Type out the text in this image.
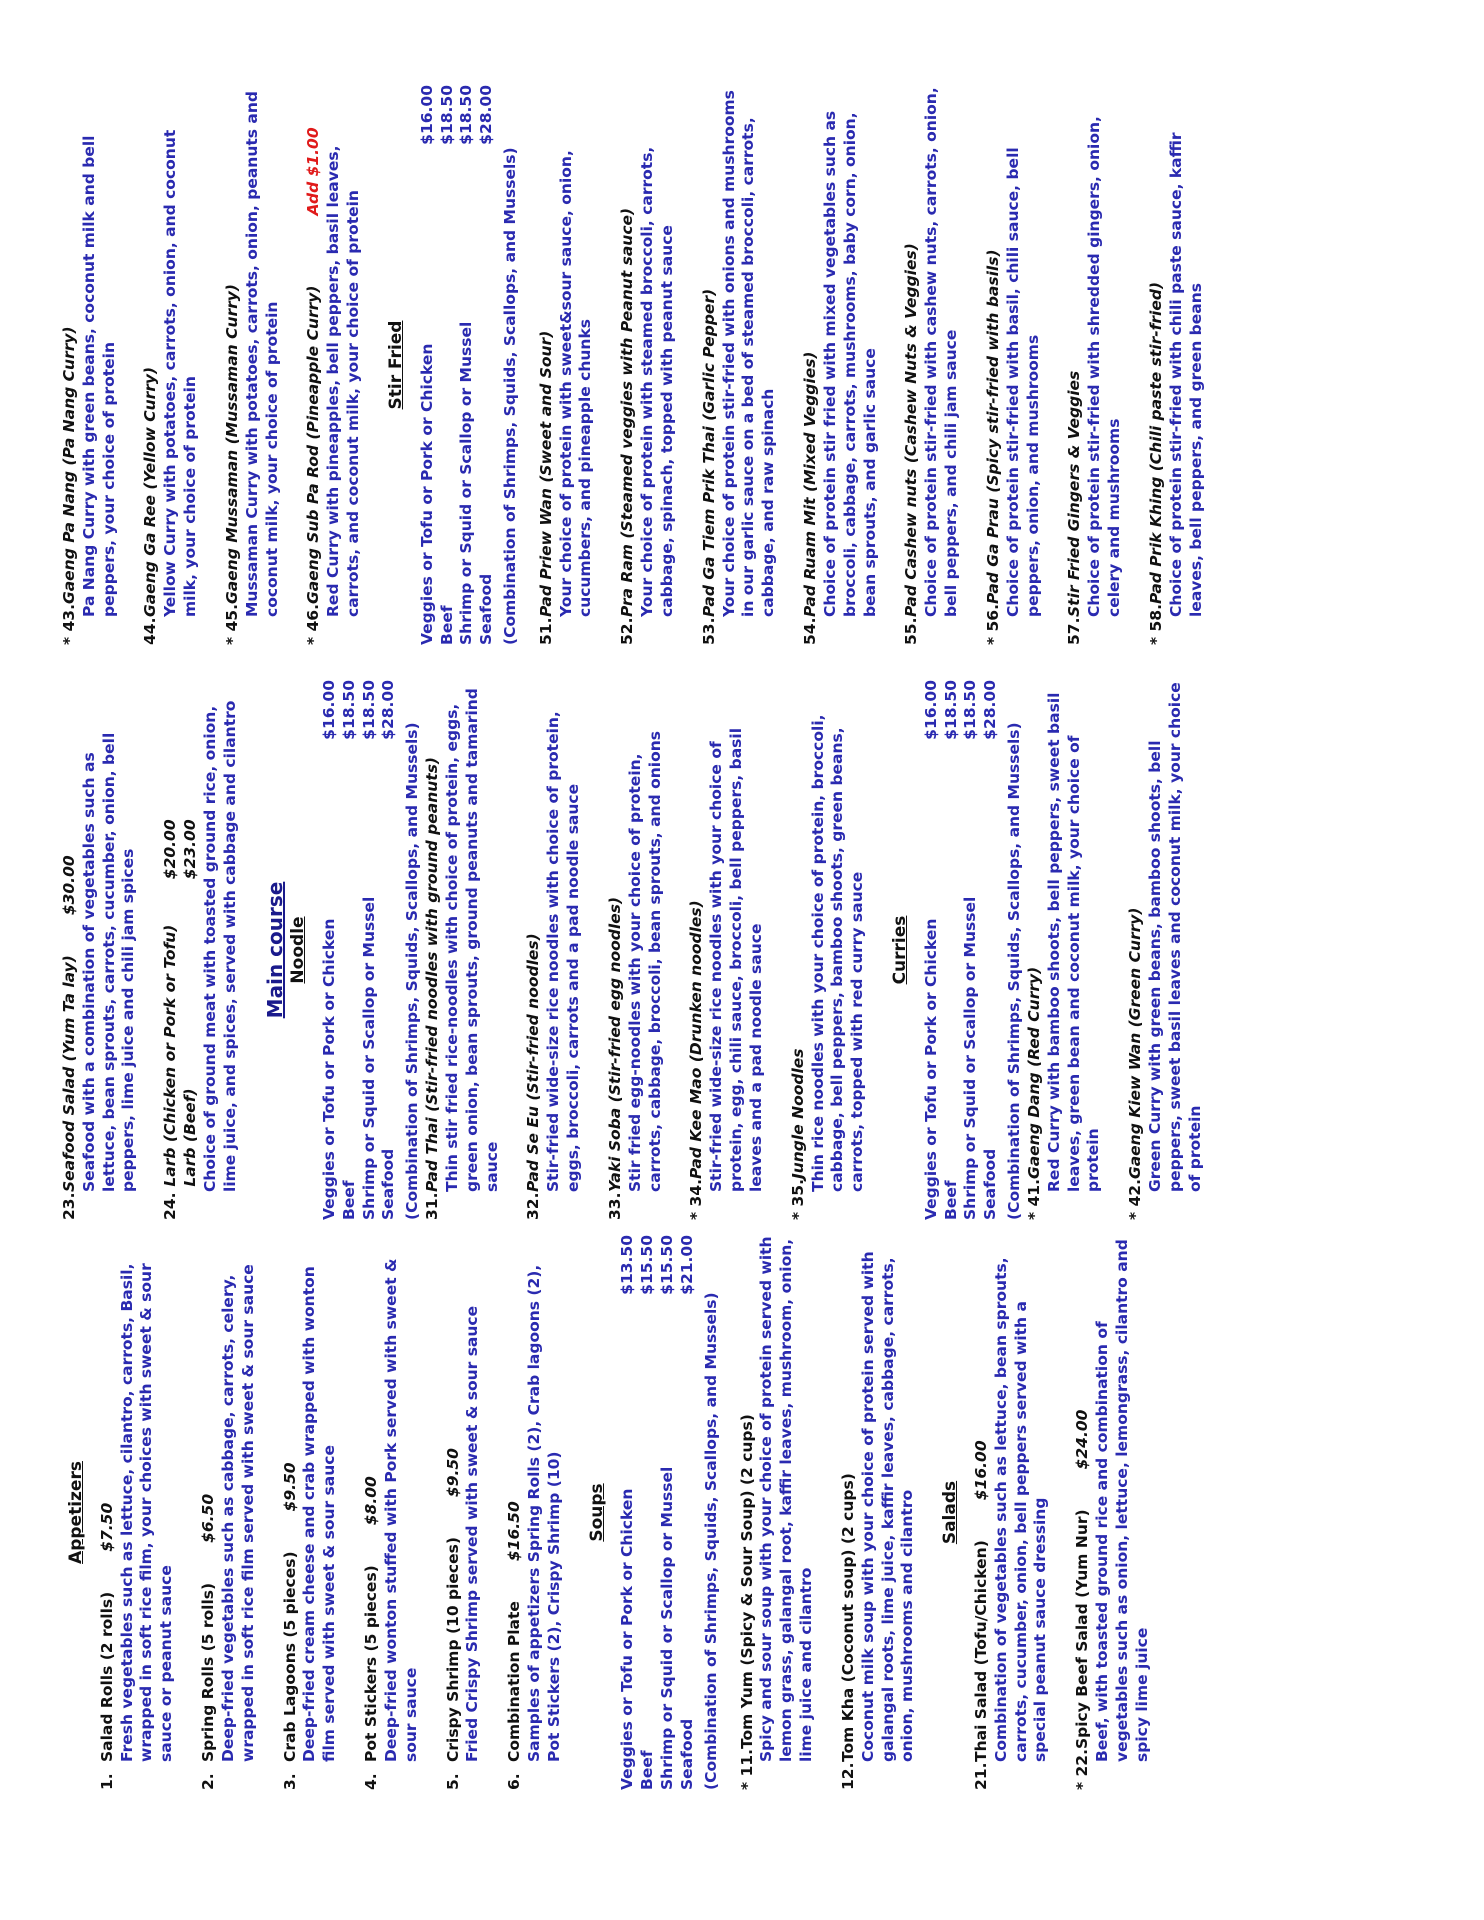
Appetizers
1.Salad Rolls (2 rolls)$7.50 Fresh vegetables such as lettuce, cilantro, carrots, Basil, wrapped in soft rice film, your choices with sweet & sour sauce or peanut sauce
2.Spring Rolls (5 rolls)$6.50 Deep-fried vegetables such as cabbage, carrots, celery, wrapped in soft rice film served with sweet & sour sauce
3.Crab Lagoons (5 pieces)$9.50 Deep-fried cream cheese and crab wrapped with wonton film served with sweet & sour sauce
4.Pot Stickers (5 pieces)$8.00 Deep-fried wonton stuffed with Pork served with sweet & sour sauce
5.Crispy Shrimp (10 pieces)$9.50 Fried Crispy Shrimp served with sweet & sour sauce
6.Combination Plate$16.50 Samples of appetizers Spring Rolls (2), Crab lagoons (2), Pot Stickers (2), Crispy Shrimp (10) Soups Veggies or Tofu or Pork or Chicken
$13.50
Beef
$15.50
Shrimp or Squid or Scallop or Mussel
$15.50
Seafood
$21.00
(Combination of Shrimps, Squids, Scallops, and Mussels) * 11.Tom Yum (Spicy & Sour Soup) (2 cups) Spicy and sour soup with your choice of protein served with lemon grass, galangal root, kaffir leaves, mushroom, onion, lime juice and cilantro
12.Tom Kha (Coconut soup) (2 cups) Coconut milk soup with your choice of protein served with galangal roots, lime juice, kaffir leaves, cabbage, carrots, onion, mushrooms and cilantro Salads
21.Thai Salad (Tofu/Chicken)$16.00 Combination of vegetables such as lettuce, bean sprouts, carrots, cucumber, onion, bell peppers served with a special peanut sauce dressing
* 22.Spicy Beef Salad (Yum Nur)$24.00 Beef, with toasted ground rice and combination of vegetables such as onion, lettuce, lemongrass, cilantro and spicy lime juice
23.Seafood Salad (Yum Ta lay)$30.00 Seafood with a combination of vegetables such as lettuce, bean sprouts, carrots, cucumber, onion, bell peppers, lime juice and chili jam spices
24. Larb (Chicken or Pork or Tofu) Larb (Beef) $20.00 $23.00 Choice of ground meat with toasted ground rice, onion, lime juice, and spices, served with cabbage and cilantro Main course Noodle Veggies or Tofu or Pork or Chicken
$16.00
Beef
$18.50
Shrimp or Squid or Scallop or Mussel
$18.50
Seafood
$28.00
(Combination of Shrimps, Squids, Scallops, and Mussels) 31.Pad Thai (Stir-fried noodles with ground peanuts) Thin stir fried rice-noodles with choice of protein, eggs, green onion, bean sprouts, ground peanuts and tamarind sauce
32.Pad Se Eu (Stir-fried noodles) Stir-fried wide-size rice noodles with choice of protein, eggs, broccoli, carrots and a pad noodle sauce
33.Yaki Soba (Stir-fried egg noodles) Stir fried egg-noodles with your choice of protein, carrots, cabbage, broccoli, bean sprouts, and onions
* 34.Pad Kee Mao (Drunken noodles) Stir-fried wide-size rice noodles with your choice of protein, egg, chili sauce, broccoli, bell peppers, basil leaves and a pad noodle sauce
* 35.Jungle Noodles Thin rice noodles with your choice of protein, broccoli, cabbage, bell peppers, bamboo shoots, green beans, carrots, topped with red curry sauce Curries Veggies or Tofu or Pork or Chicken
$16.00
Beef
$18.50
Shrimp or Squid or Scallop or Mussel
$18.50
Seafood
$28.00
(Combination of Shrimps, Squids, Scallops, and Mussels) * 41.Gaeng Dang (Red Curry) Red Curry with bamboo shoots, bell peppers, sweet basil leaves, green bean and coconut milk, your choice of protein
* 42.Gaeng Kiew Wan (Green Curry) Green Curry with green beans, bamboo shoots, bell peppers, sweet basil leaves and coconut milk, your choice of protein
* 43.Gaeng Pa Nang (Pa Nang Curry) Pa Nang Curry with green beans, coconut milk and bell peppers, your choice of protein
44.Gaeng Ga Ree (Yellow Curry) Yellow Curry with potatoes, carrots, onion, and coconut milk, your choice of protein
* 45.Gaeng Mussaman (Mussaman Curry) Mussaman Curry with potatoes, carrots, onion, peanuts and coconut milk, your choice of protein
* 46.Gaeng Sub Pa Rod (Pineapple Curry)Add $1.00 Red Curry with pineapples, bell peppers, basil leaves, carrots, and coconut milk, your choice of protein Stir Fried Veggies or Tofu or Pork or Chicken
$16.00
Beef
$18.50
Shrimp or Squid or Scallop or Mussel
$18.50
Seafood
$28.00
(Combination of Shrimps, Squids, Scallops, and Mussels) 51.Pad Priew Wan (Sweet and Sour) Your choice of protein with sweet&sour sauce, onion, cucumbers, and pineapple chunks
52.Pra Ram (Steamed veggies with Peanut sauce) Your choice of protein with steamed broccoli, carrots, cabbage, spinach, topped with peanut sauce
53.Pad Ga Tiem Prik Thai (Garlic Pepper) Your choice of protein stir-fried with onions and mushrooms in our garlic sauce on a bed of steamed broccoli, carrots, cabbage, and raw spinach
54.Pad Ruam Mit (Mixed Veggies) Choice of protein stir fried with mixed vegetables such as broccoli, cabbage, carrots, mushrooms, baby corn, onion, bean sprouts, and garlic sauce
55.Pad Cashew nuts (Cashew Nuts & Veggies) Choice of protein stir-fried with cashew nuts, carrots, onion, bell peppers, and chili jam sauce
* 56.Pad Ga Prau (Spicy stir-fried with basils) Choice of protein stir-fried with basil, chili sauce, bell peppers, onion, and mushrooms
57.Stir Fried Gingers & Veggies Choice of protein stir-fried with shredded gingers, onion, celery and mushrooms
* 58.Pad Prik Khing (Chili paste stir-fried) Choice of protein stir-fried with chili paste sauce, kaffir leaves, bell peppers, and green beans
